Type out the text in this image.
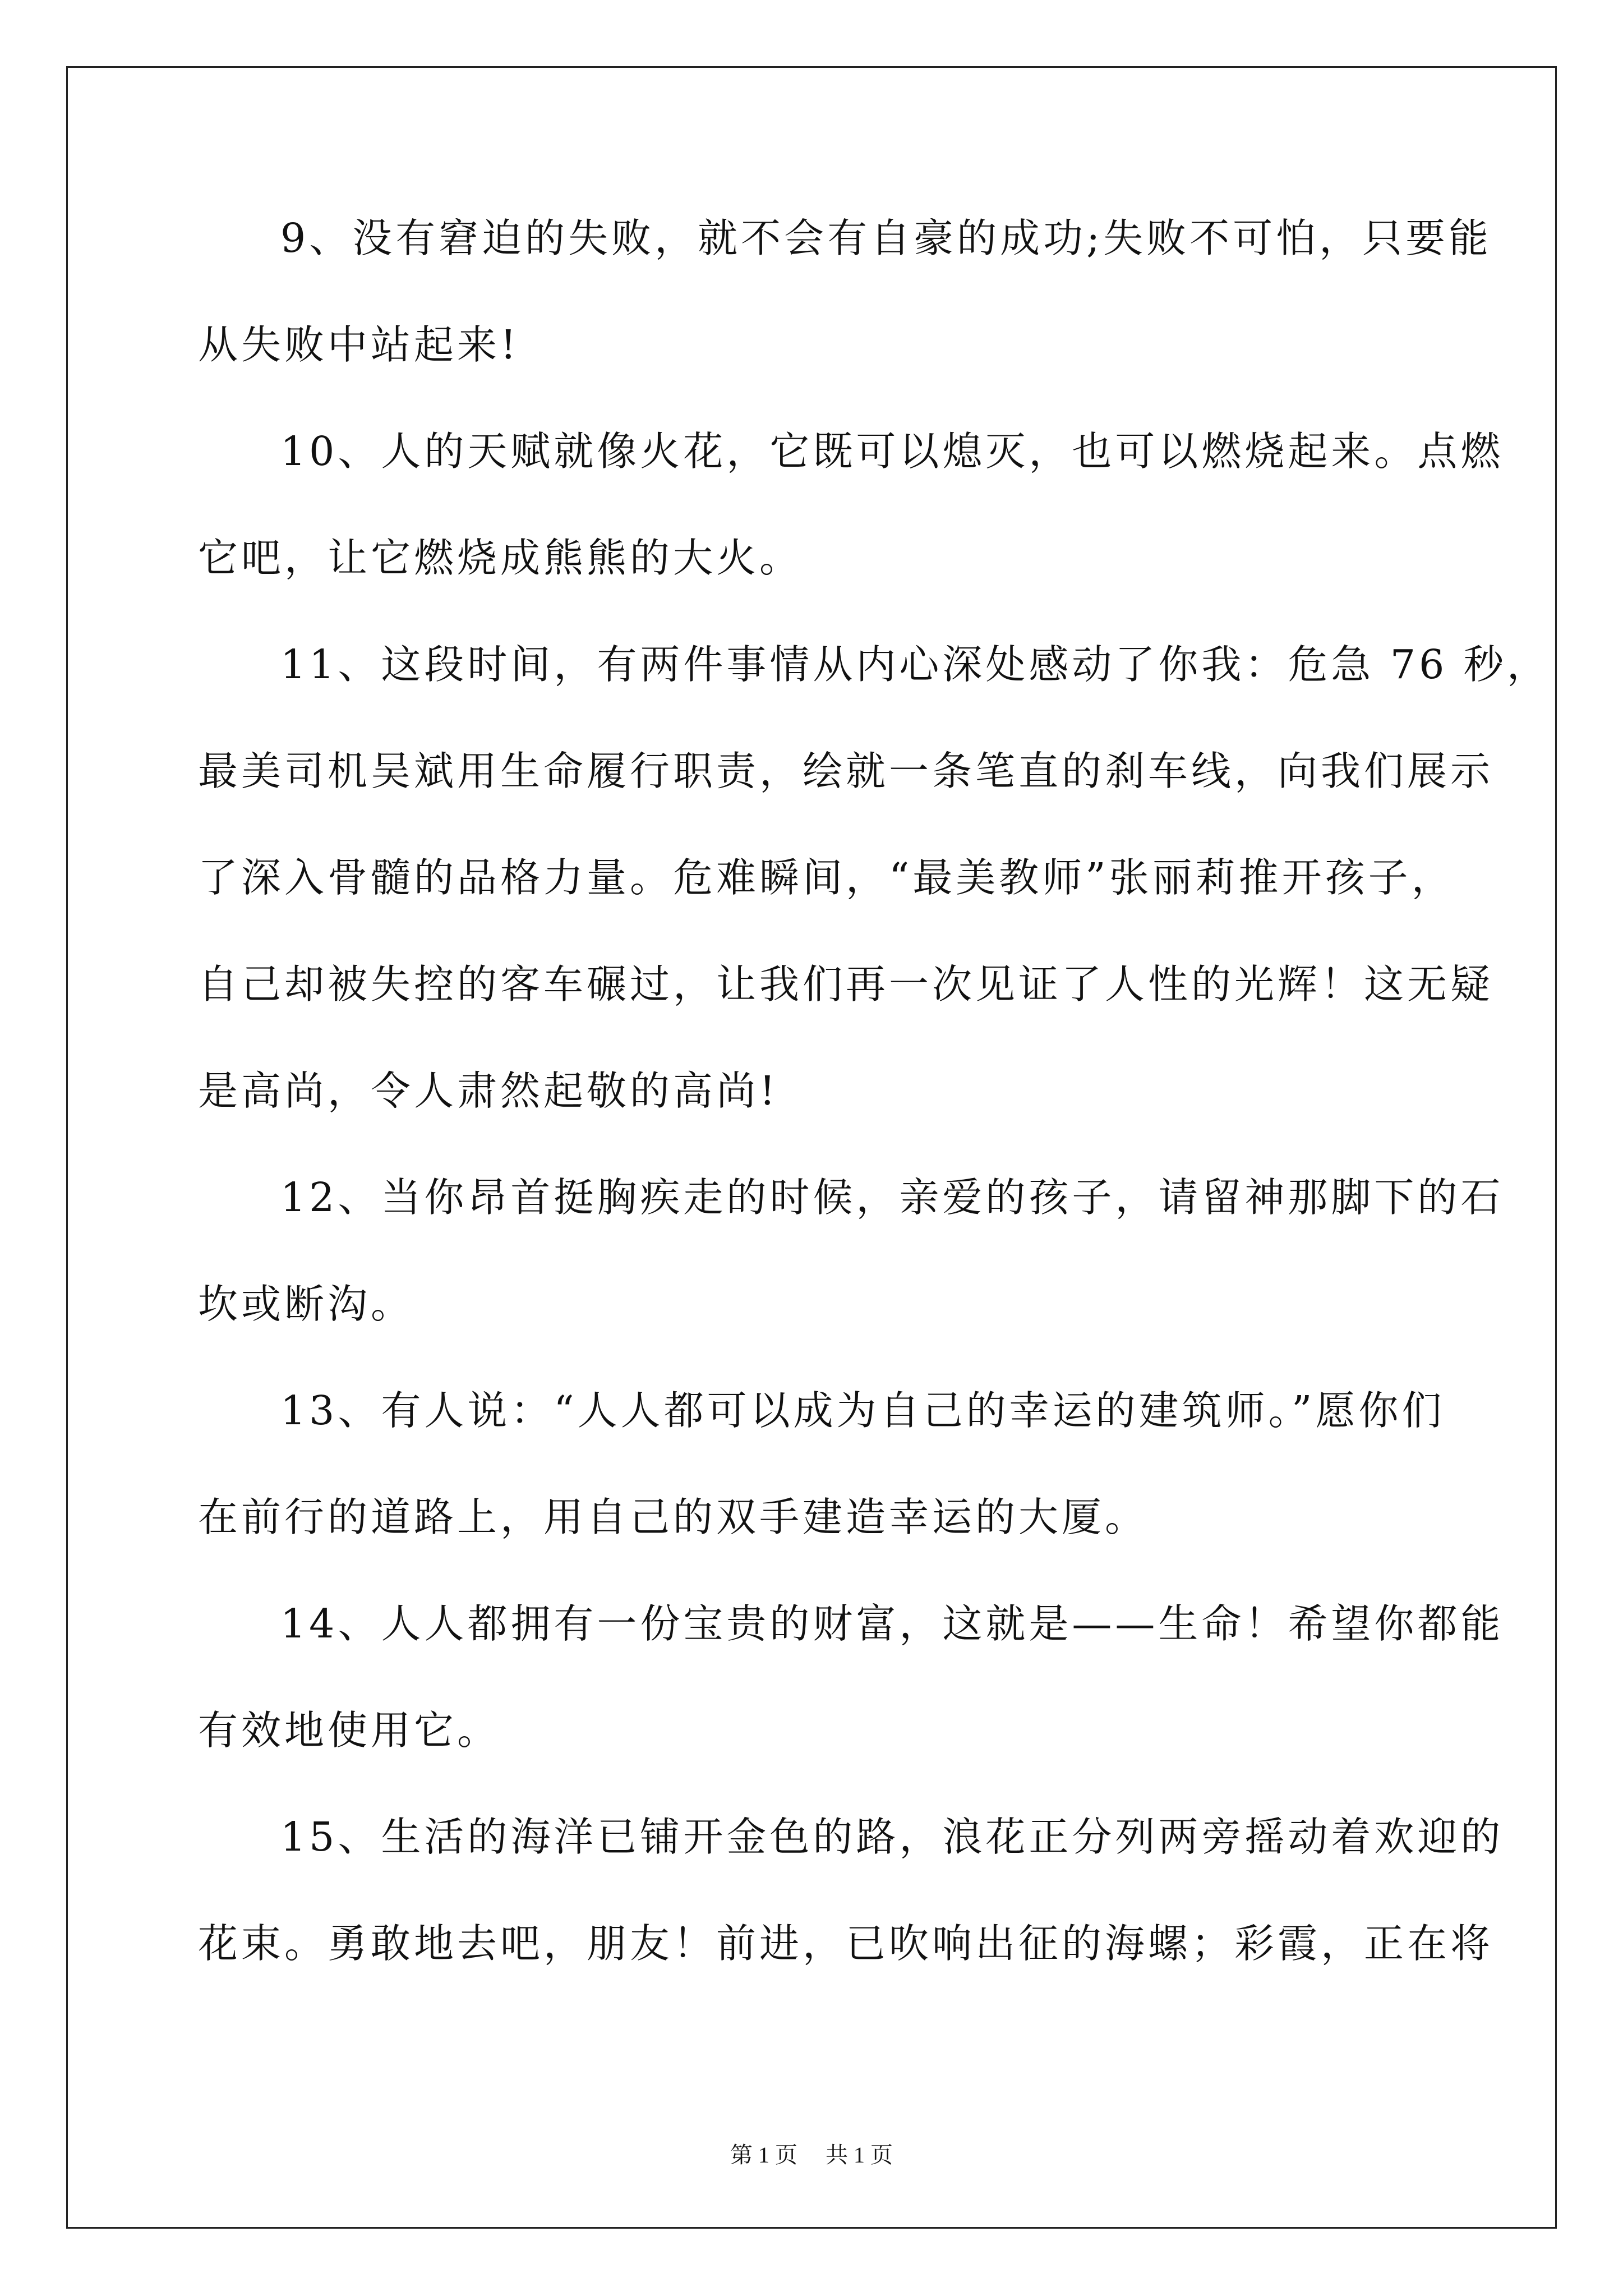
9、没有窘迫的失败，就不会有自豪的成功;失败不可怕，只要能
从失败中站起来!
10、人的天赋就像火花，它既可以熄灭，也可以燃烧起来。点燃
它吧，让它燃烧成熊熊的大火。
11、这段时间，有两件事情从内心深处感动了你我：危急 76 秒，
最美司机吴斌用生命履行职责，绘就一条笔直的刹车线，向我们展示
了深入骨髓的品格力量。危难瞬间，“最美教师”张丽莉推开孩子，
自己却被失控的客车碾过，让我们再一次见证了人性的光辉！这无疑
是高尚，令人肃然起敬的高尚!
12、当你昂首挺胸疾走的时候，亲爱的孩子，请留神那脚下的石
坎或断沟。
13、有人说：“人人都可以成为自己的幸运的建筑师。”愿你们
在前行的道路上，用自己的双手建造幸运的大厦。
14、人人都拥有一份宝贵的财富，这就是——生命！希望你都能
有效地使用它。
15、生活的海洋已铺开金色的路，浪花正分列两旁摇动着欢迎的
花束。勇敢地去吧，朋友！前进，已吹响出征的海螺；彩霞，正在将
第 1 页 共 1 页
